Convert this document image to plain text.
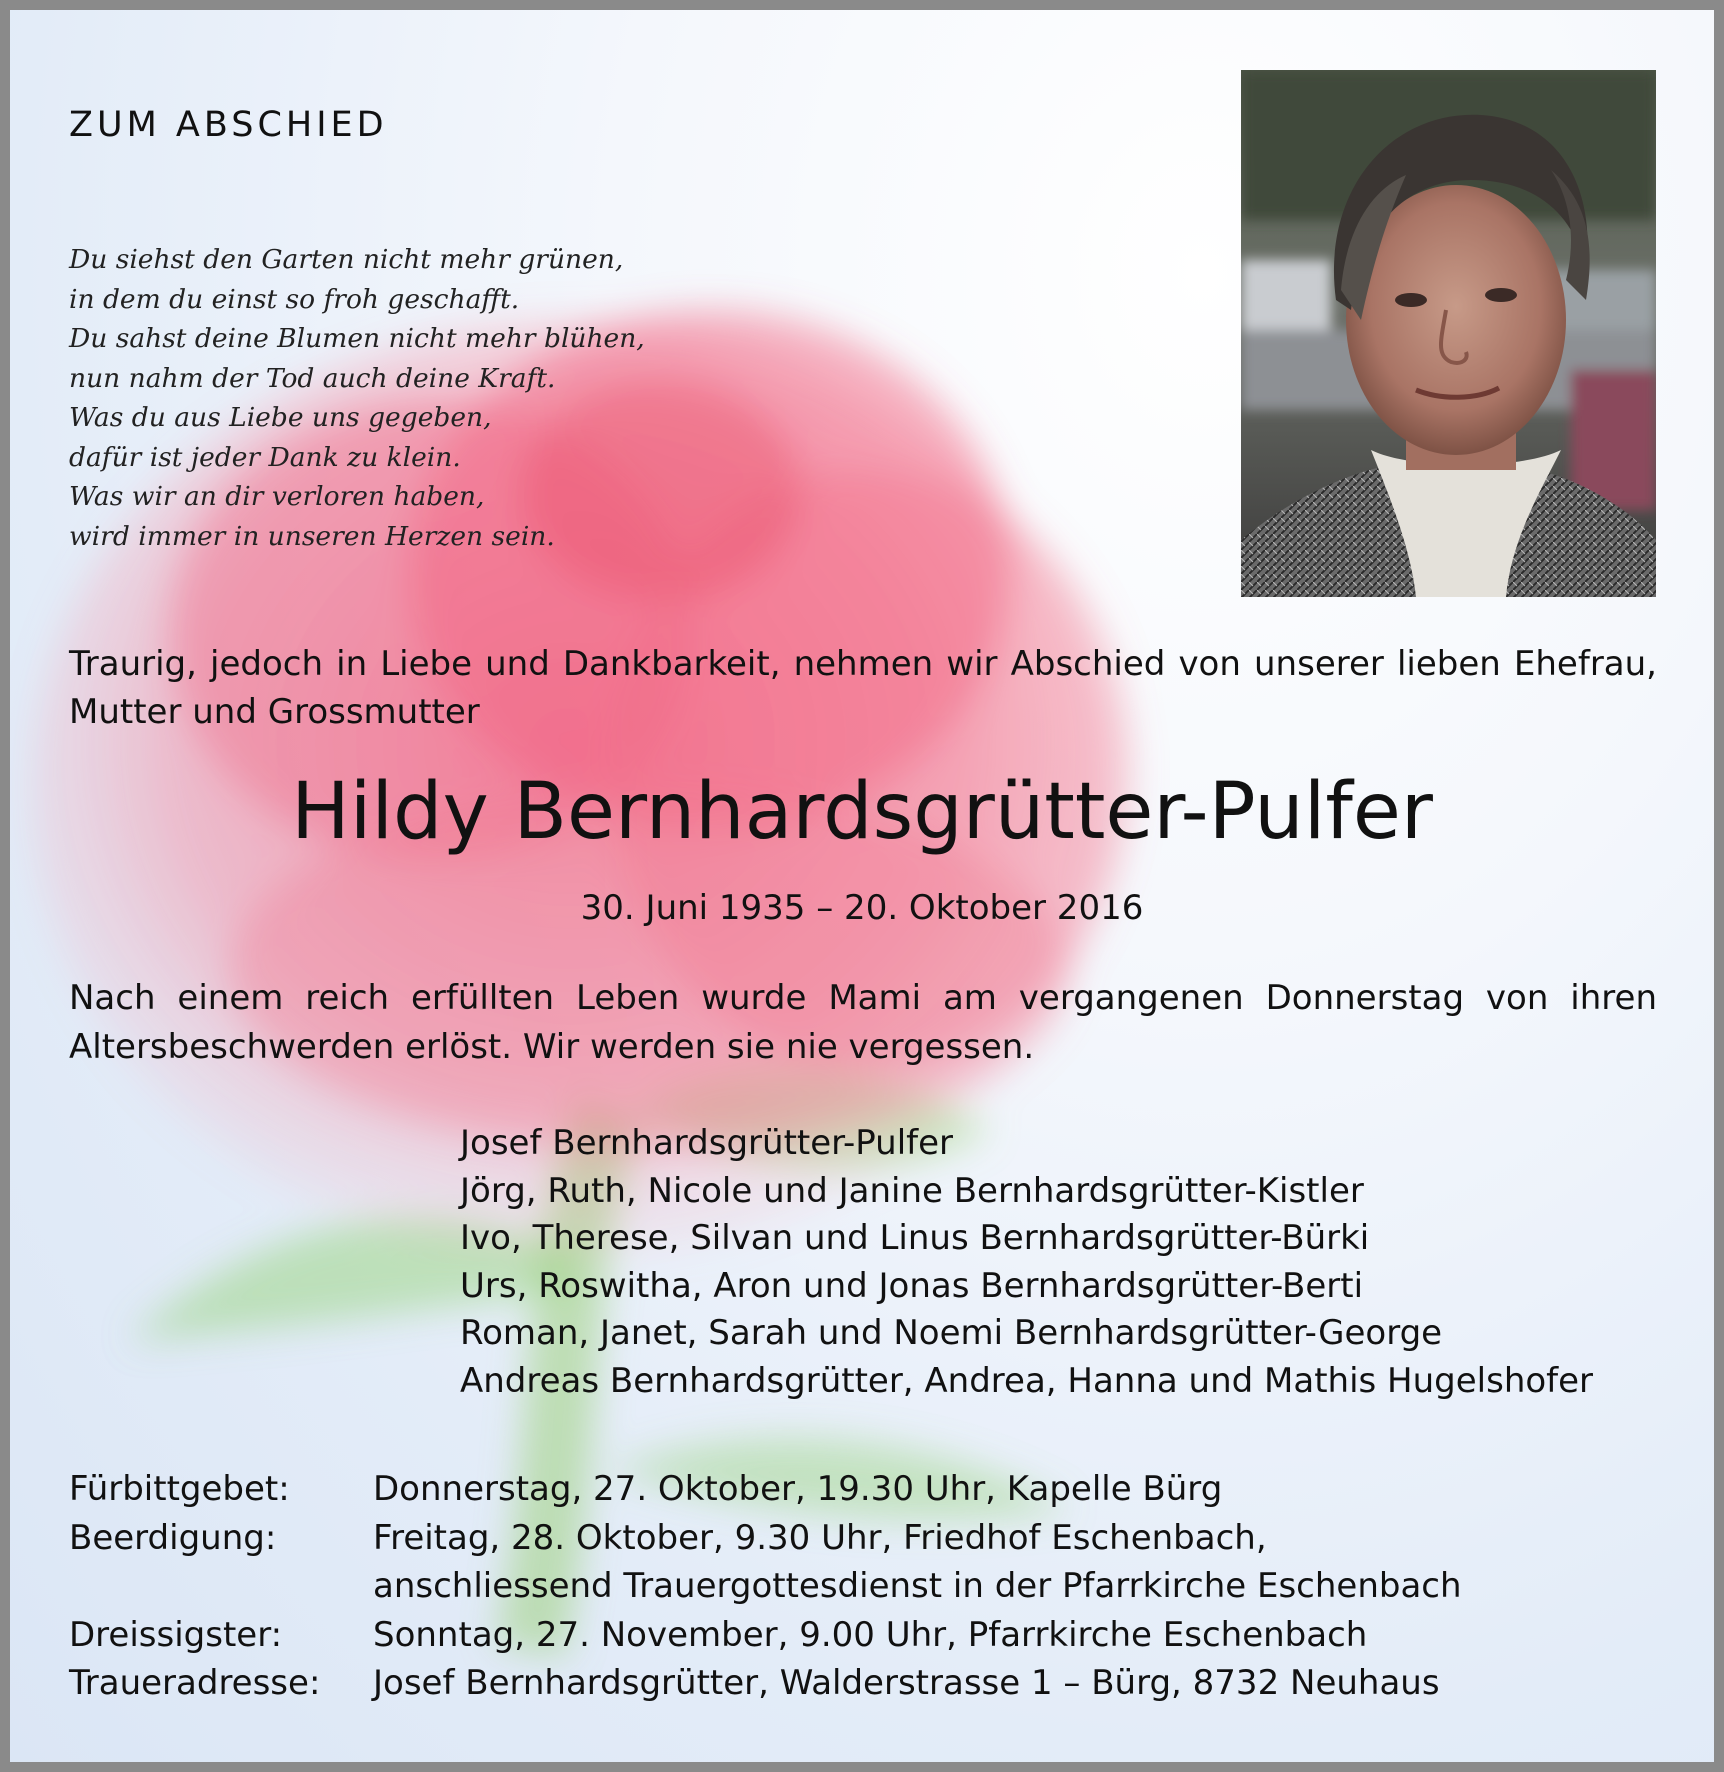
ZUM ABSCHIED
Du siehst den Garten nicht mehr grünen,
in dem du einst so froh geschafft.
Du sahst deine Blumen nicht mehr blühen,
nun nahm der Tod auch deine Kraft.
Was du aus Liebe uns gegeben,
dafür ist jeder Dank zu klein.
Was wir an dir verloren haben,
wird immer in unseren Herzen sein.

Traurig, jedoch in Liebe und Dankbarkeit, nehmen wir Abschied von unserer lieben Ehefrau, Mutter und Grossmutter

Hildy Bernhardsgrütter-Pulfer
30. Juni 1935 – 20. Oktober 2016

Nach einem reich erfüllten Leben wurde Mami am vergangenen Donnerstag von ihren Altersbeschwerden erlöst. Wir werden sie nie vergessen.

Josef Bernhardsgrütter-Pulfer
Jörg, Ruth, Nicole und Janine Bernhardsgrütter-Kistler
Ivo, Therese, Silvan und Linus Bernhardsgrütter-Bürki
Urs, Roswitha, Aron und Jonas Bernhardsgrütter-Berti
Roman, Janet, Sarah und Noemi Bernhardsgrütter-George
Andreas Bernhardsgrütter, Andrea, Hanna und Mathis Hugelshofer
Fürbittgebet:	Donnerstag, 27. Oktober, 19.30 Uhr, Kapelle Bürg
Beerdigung:	Freitag, 28. Oktober, 9.30 Uhr, Friedhof Eschenbach,
anschliessend Trauergottesdienst in der Pfarrkirche Eschenbach
Dreissigster:	Sonntag, 27. November, 9.00 Uhr, Pfarrkirche Eschenbach
Traueradresse:	Josef Bernhardsgrütter, Walderstrasse 1 – Bürg, 8732 Neuhaus
